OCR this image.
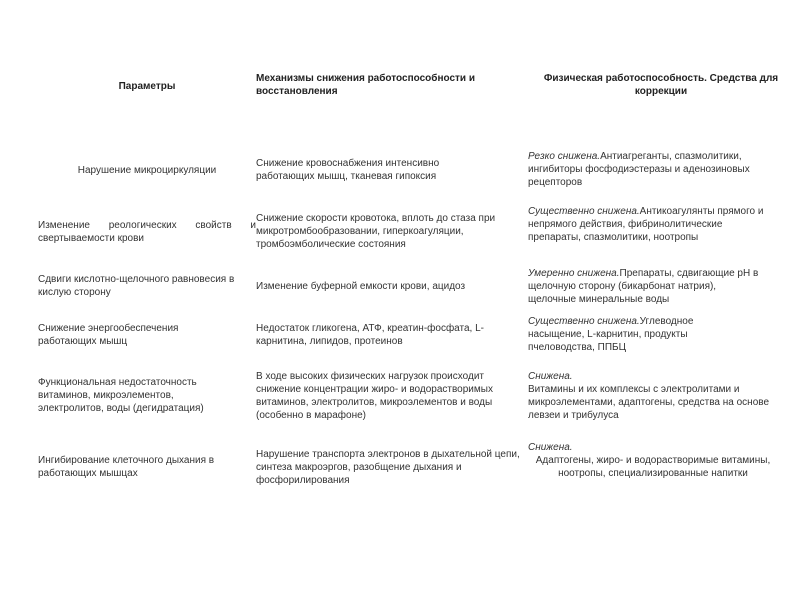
Параметры
Механизмы снижения работоспособности и восстановления
Физическая работоспособность. Средства для коррекции
Нарушение микроциркуляции
Снижение кровоснабжения интенсивно работающих мышц, тканевая гипоксия
Резко снижена.Антиагреганты, спазмолитики, ингибиторы фосфодиэстеразы и аденозиновых рецепторов
Изменение реологических свойств и
свертываемости крови
Снижение скорости кровотока, вплоть до стаза при микротромбообразовании, гиперкоагуляции, тромбоэмболические состояния
Существенно снижена.Антикоагулянты прямого и непрямого действия, фибринолитические препараты, спазмолитики, ноотропы
Сдвиги кислотно-щелочного равновесия в кислую сторону
Изменение буферной емкости крови, ацидоз
Умеренно снижена.Препараты, сдвигающие pH в щелочную сторону (бикарбонат натрия), щелочные минеральные воды
Снижение энергообеспечения работающих мышц
Недостаток гликогена, АТФ, креатин-фосфата, L-карнитина, липидов, протеинов
Существенно снижена.Углеводное насыщение, L-карнитин, продукты пчеловодства, ППБЦ
Функциональная недостаточность витаминов, микроэлементов, электролитов, воды (дегидратация)
В ходе высоких физических нагрузок происходит снижение концентрации жиро- и водорастворимых витаминов, электролитов, микроэлементов и воды (особенно в марафоне)
Снижена.
Витамины и их комплексы с электролитами и микроэлементами, адаптогены, средства на основе левзеи и трибулуса
Ингибирование клеточного дыхания в работающих мышцах
Нарушение транспорта электронов в дыхательной цепи, синтеза макроэргов, разобщение дыхания и фосфорилирования
Снижена.
Адаптогены, жиро- и водорастворимые витамины, ноотропы, специализированные напитки
